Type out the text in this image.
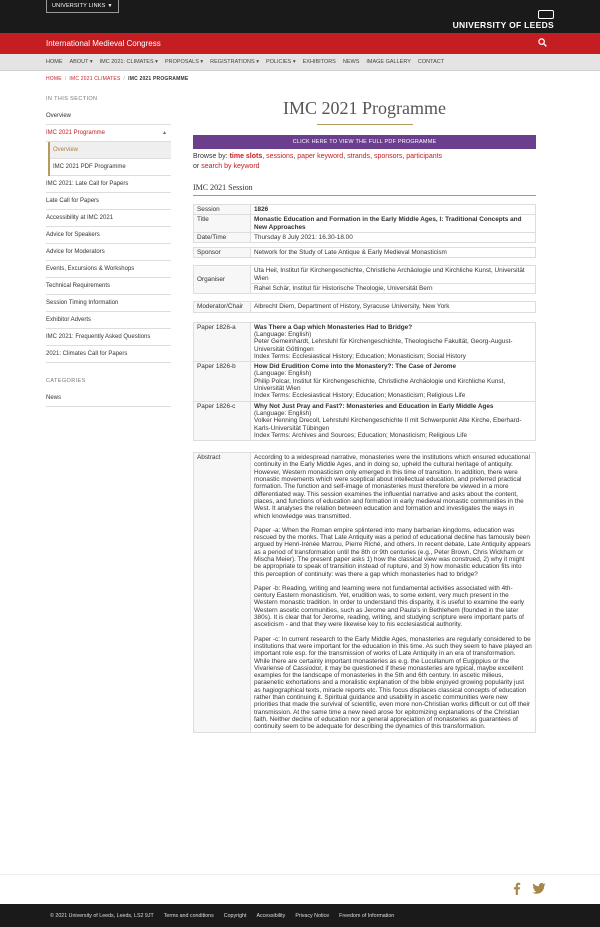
UNIVERSITY LINKS ▼
UNIVERSITY OF LEEDS
International Medieval Congress
HOME ABOUT ▾ IMC 2021: CLIMATES ▾ PROPOSALS ▾ REGISTRATIONS ▾ POLICIES ▾ EXHIBITORS NEWS IMAGE GALLERY CONTACT
HOME / IMC 2021 CLIMATES / IMC 2021 PROGRAMME
IN THIS SECTION
Overview
IMC 2021 Programme	▲
Overview
IMC 2021 PDF Programme
IMC 2021: Late Call for Papers
Late Call for Papers
Accessibility at IMC 2021
Advice for Speakers
Advice for Moderators
Events, Excursions & Workshops
Technical Requirements
Session Timing Information
Exhibitor Adverts
IMC 2021: Frequently Asked Questions
2021: Climates Call for Papers
CATEGORIES
News
IMC 2021 Programme
CLICK HERE TO VIEW THE FULL PDF PROGRAMME
Browse by: time slots, sessions, paper keyword, strands, sponsors, participants
or search by keyword
IMC 2021 Session
Session	1826
Title	Monastic Education and Formation in the Early Middle Ages, I: Traditional Concepts and New Approaches
Date/Time	Thursday 8 July 2021: 16.30-18.00

Sponsor	Network for the Study of Late Antique & Early Medieval Monasticism

Organiser	Uta Heil, Institut für Kirchengeschichte, Christliche Archäologie und Kirchliche Kunst, Universität Wien
	Rahel Schär, Institut für Historische Theologie, Universität Bern

Moderator/Chair	Albrecht Diem, Department of History, Syracuse University, New York

Paper 1826-a	Was There a Gap which Monasteries Had to Bridge?
(Language: English)
Peter Gemeinhardt, Lehrstuhl für Kirchengeschichte, Theologische Fakultät, Georg-August-Universität Göttingen
Index Terms: Ecclesiastical History; Education; Monasticism; Social History

Paper 1826-b	How Did Erudition Come into the Monastery?: The Case of Jerome
(Language: English)
Philip Polcar, Institut für Kirchengeschichte, Christliche Archäologie und Kirchliche Kunst, Universität Wien
Index Terms: Ecclesiastical History; Education; Monasticism; Religious Life

Paper 1826-c	Why Not Just Pray and Fast?: Monasteries and Education in Early Middle Ages
(Language: English)
Volker Henning Drecoll, Lehrstuhl Kirchengeschichte II mit Schwerpunkt Alte Kirche, Eberhard-Karls-Universität Tübingen
Index Terms: Archives and Sources; Education; Monasticism; Religious Life

Abstract	According to a widespread narrative, monasteries were the institutions which ensured educational continuity in the Early Middle Ages, and in doing so, upheld the cultural heritage of antiquity. However, Western monasticism only emerged in this time of transition. In addition, there were monastic movements which were sceptical about intellectual education, and preferred practical formation. The function and self-image of monasteries must therefore be viewed in a more differentiated way. This session examines the influential narrative and asks about the content, places, and functions of education and formation in early medieval monastic communities in the West. It analyses the relation between education and formation and investigates the ways in which knowledge was transmitted.

Paper -a: When the Roman empire splintered into many barbarian kingdoms, education was rescued by the monks. That Late Antiquity was a period of educational decline has famously been argued by Henri-Irénée Marrou, Pierre Riché, and others. In recent debate, Late Antiquity appears as a period of transformation until the 8th or 9th centuries (e.g., Peter Brown, Chris Wickham or Mischa Meier). The present paper asks 1) how the classical view was construed, 2) why it might be appropriate to speak of transition instead of rupture, and 3) how monastic education fits into this perception of continuity: was there a gap which monasteries had to bridge?

Paper -b: Reading, writing and learning were not fundamental activities associated with 4th-century Eastern monasticism. Yet, erudition was, to some extent, very much present in the Western monastic tradition. In order to understand this disparity, it is useful to examine the early Western ascetic communities, such as Jerome and Paula's in Bethlehem (founded in the later 380s). It is clear that for Jerome, reading, writing, and studying scripture were important parts of asceticism - and that they were likewise key to his ecclesiastical authority.

Paper -c: In current research to the Early Middle Ages, monasteries are regularly considered to be institutions that were important for the education in this time. As such they seem to have played an important role esp. for the transmission of works of Late Antiquity in an era of transformation. While there are certainly important monasteries as e.g. the Lucullanum of Eugippius or the Vivariense of Cassiodor, it may be questioned if these monasteries are typical, maybe excellent examples for the landscape of monasteries in the 5th and 6th century. In ascetic milieus, paraenetic exhortations and a moralistic explanation of the bible enjoyed growing popularity just as hagiographical texts, miracle reports etc. This focus displaces classical concepts of education rather than continuing it. Spiritual guidance and usability in ascetic communities were new priorities that made the survival of scientific, even more non-Christian works difficult or cut off their transmission. At the same time a new need arose for epitomizing explanations of the Christian faith. Neither decline of education nor a general appreciation of monasteries as guarantees of continuity seem to be adequate for describing the dynamics of this transformation.

© 2021 University of Leeds, Leeds, LS2 9JT Terms and conditions Copyright Accessibility Privacy Notice Freedom of Information
